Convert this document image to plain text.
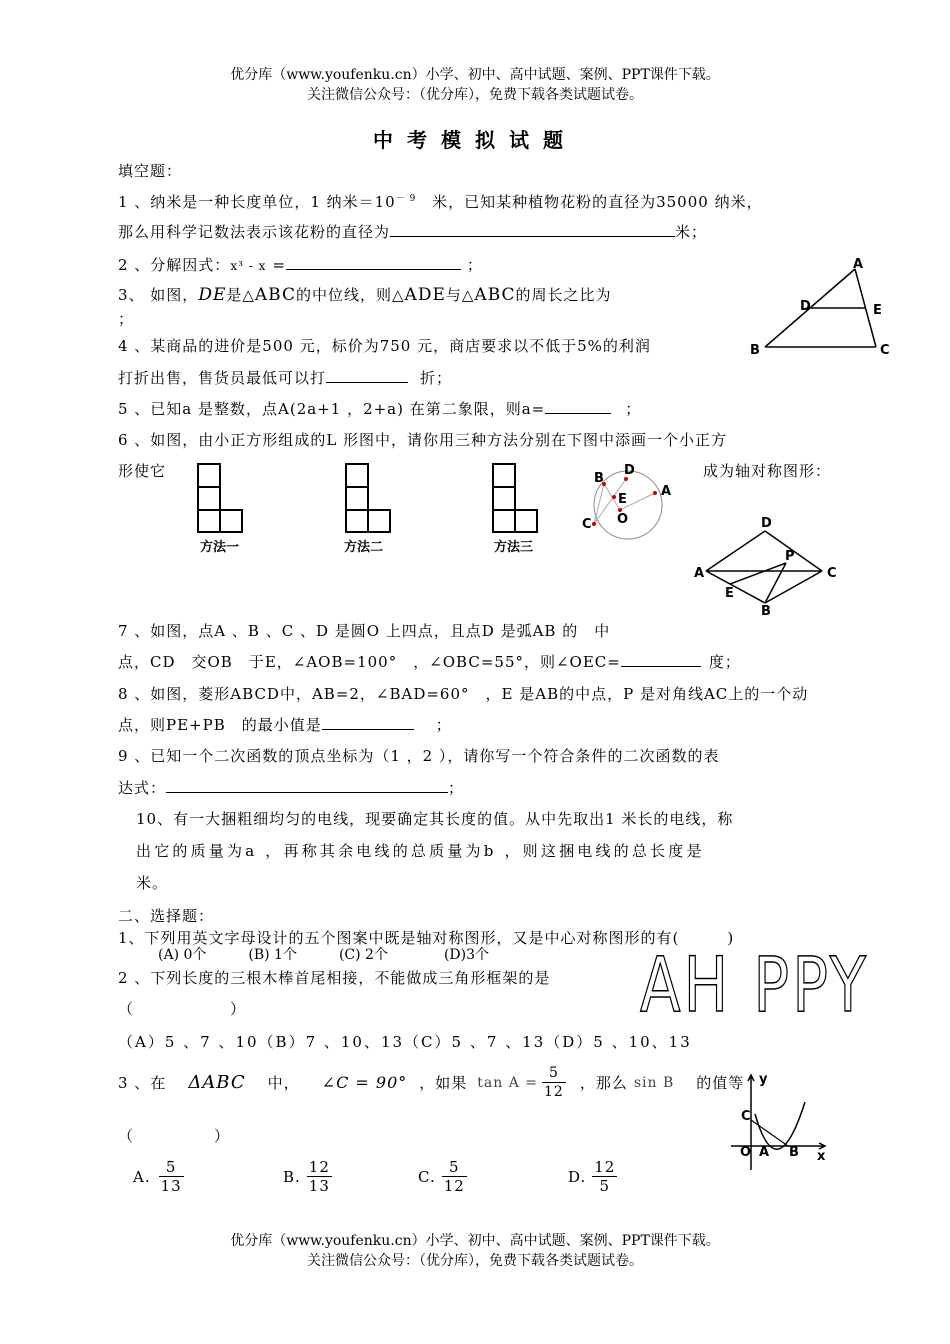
优分库（www.youfenku.cn）小学、初中、高中试题、案例、PPT课件下载。
关注微信公众号：（优分库），免费下载各类试题试卷。
中考模拟试题
填空题：
1 、纳米是一种长度单位，1 纳米$=10^{- 9}$ 米，已知某种植物花粉的直径为35000 纳米，
那么用科学记数法表示该花粉的直径为	米；
2 、分解因式：x³ - x =	；
3、 如图，DE是△ABC的中位线，则△ADE与△ABC的周长之比为
；
A
D	E
B	C
4 、某商品的进价是500 元，标价为750 元，商店要求以不低于5%的利润
打折出售，售货员最低可以打	折；
5 、已知a 是整数，点A(2a+1 ，2+a) 在第二象限，则a=	；
6 、如图，由小正方形组成的L 形图中，请你用三种方法分别在下图中添画一个小正方
形使它	成为轴对称图形：
方法一	方法二	方法三
B
D
A
E
O
C	D
A	C
P
E
B
7 、如图，点A 、B 、C 、D 是圆O 上四点，且点D 是弧AB 的　中
点，CD　交OB　于E，∠AOB=100°　，∠OBC=55°，则∠OEC=	度；
8 、如图，菱形ABCD中，AB=2，∠BAD=60°　，E 是AB的中点，P 是对角线AC上的一个动
点，则PE+PB　的最小值是	；
9 、已知一个二次函数的顶点坐标为（1 ，2 ），请你写一个符合条件的二次函数的表
达式：	；
10、有一大捆粗细均匀的电线，现要确定其长度的值。从中先取出1 米长的电线，称
出它的质量为a ，再称其余电线的总质量为b ，则这捆电线的总长度是
米。
二、选择题：
1、下列用英文字母设计的五个图案中既是轴对称图形，又是中心对称图形的有(　　　)
(A) 0个　　　(B) 1个　　　(C) 2个　　　　(D)3个 AH PPY
2 、下列长度的三根木棒首尾相接，不能做成三角形框架的是
（　　　　　　）
（A）5 、7 、10（B）7 、10、13（C）5 、7 、13（D）5 、10、13
3 、在 ΔABC 中， ∠C = 90° ，如果 $\tan A = \frac{5}{12}$ ，那么 sin B 的值等
（　　　　　）
A. $\frac{5}{13}$	B. $\frac{12}{13}$	C. $\frac{5}{12}$	D. $\frac{12}{5}$
y
x
O A B
C
优分库（www.youfenku.cn）小学、初中、高中试题、案例、PPT课件下载。
关注微信公众号：（优分库），免费下载各类试题试卷。
